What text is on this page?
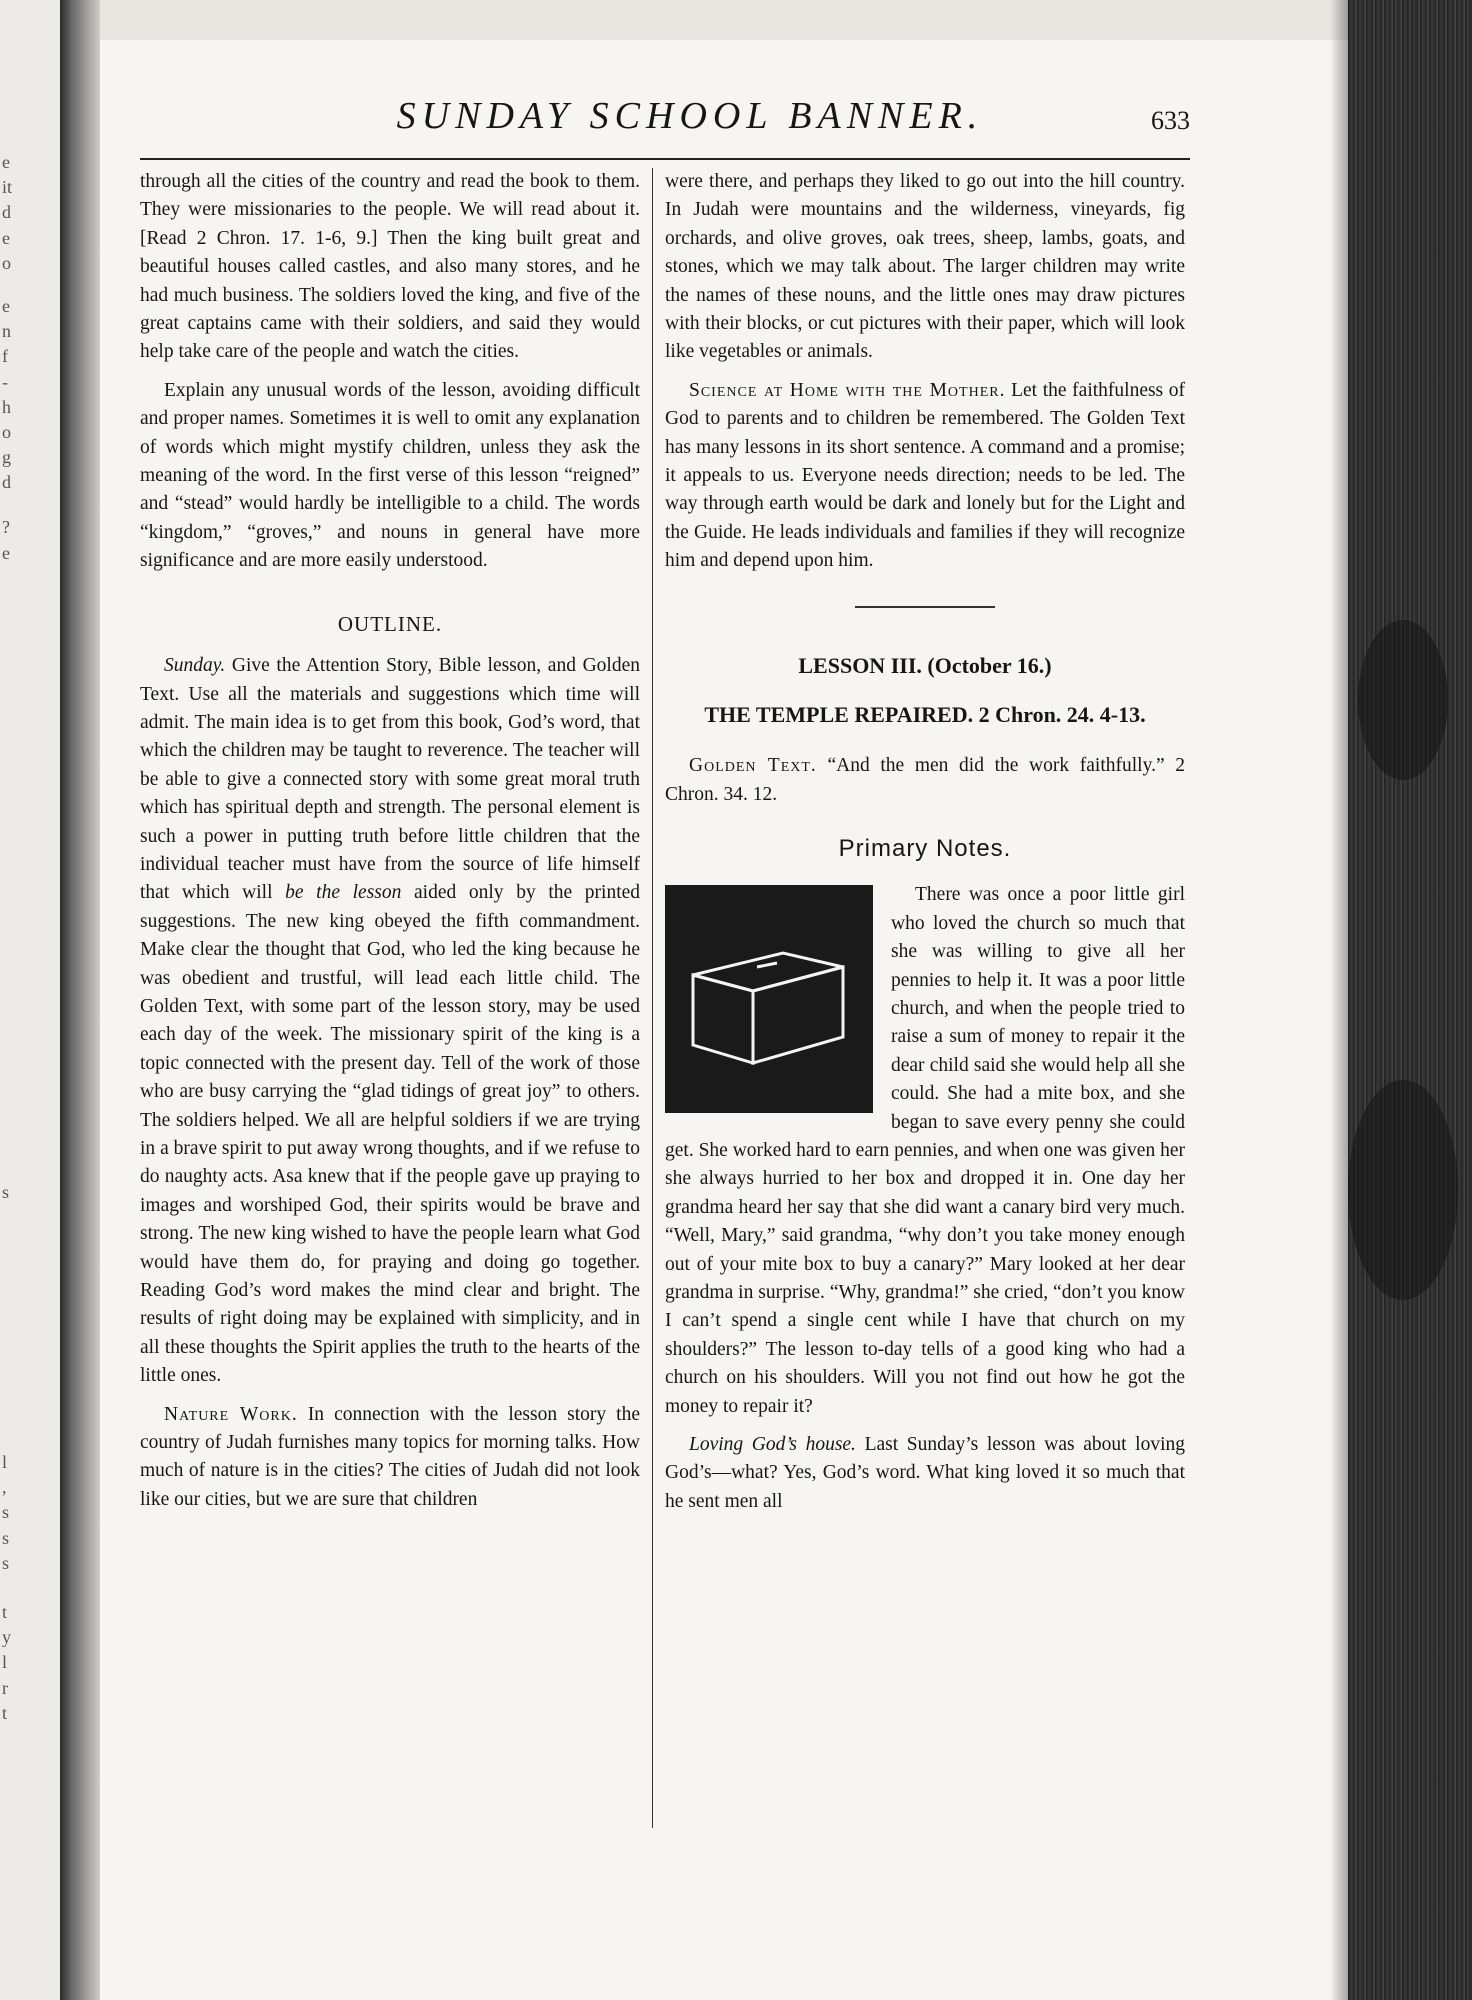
e
it
d
e
o
e
n
f
-
h
o
g
d
?
e
s
l
,
s
s
s
t
y
l
r
t
SUNDAY SCHOOL BANNER.	633

through all the cities of the country and read the book to them. They were missionaries to the people. We will read about it. [Read 2 Chron. 17. 1-6, 9.] Then the king built great and beautiful houses called castles, and also many stores, and he had much business. The soldiers loved the king, and five of the great captains came with their soldiers, and said they would help take care of the people and watch the cities.

Explain any unusual words of the lesson, avoiding difficult and proper names. Sometimes it is well to omit any explanation of words which might mystify children, unless they ask the meaning of the word. In the first verse of this lesson “reigned” and “stead” would hardly be intelligible to a child. The words “kingdom,” “groves,” and nouns in general have more significance and are more easily understood.

OUTLINE.

Sunday. Give the Attention Story, Bible lesson, and Golden Text. Use all the materials and suggestions which time will admit. The main idea is to get from this book, God’s word, that which the children may be taught to reverence. The teacher will be able to give a connected story with some great moral truth which has spiritual depth and strength. The personal element is such a power in putting truth before little children that the individual teacher must have from the source of life himself that which will be the lesson aided only by the printed suggestions. The new king obeyed the fifth commandment. Make clear the thought that God, who led the king because he was obedient and trustful, will lead each little child. The Golden Text, with some part of the lesson story, may be used each day of the week. The missionary spirit of the king is a topic connected with the present day. Tell of the work of those who are busy carrying the “glad tidings of great joy” to others. The soldiers helped. We all are helpful soldiers if we are trying in a brave spirit to put away wrong thoughts, and if we refuse to do naughty acts. Asa knew that if the people gave up praying to images and worshiped God, their spirits would be brave and strong. The new king wished to have the people learn what God would have them do, for praying and doing go together. Reading God’s word makes the mind clear and bright. The results of right doing may be explained with simplicity, and in all these thoughts the Spirit applies the truth to the hearts of the little ones.

Nature Work. In connection with the lesson story the country of Judah furnishes many topics for morning talks. How much of nature is in the cities? The cities of Judah did not look like our cities, but we are sure that children

were there, and perhaps they liked to go out into the hill country. In Judah were mountains and the wilderness, vineyards, fig orchards, and olive groves, oak trees, sheep, lambs, goats, and stones, which we may talk about. The larger children may write the names of these nouns, and the little ones may draw pictures with their blocks, or cut pictures with their paper, which will look like vegetables or animals.

Science at Home with the Mother. Let the faithfulness of God to parents and to children be remembered. The Golden Text has many lessons in its short sentence. A command and a promise; it appeals to us. Everyone needs direction; needs to be led. The way through earth would be dark and lonely but for the Light and the Guide. He leads individuals and families if they will recognize him and depend upon him.

LESSON III. (October 16.)
THE TEMPLE REPAIRED. 2 Chron. 24. 4-13.

Golden Text. “And the men did the work faithfully.” 2 Chron. 34. 12.

Primary Notes.

There was once a poor little girl who loved the church so much that she was willing to give all her pennies to help it. It was a poor little church, and when the people tried to raise a sum of money to repair it the dear child said she would help all she could. She had a mite box, and she began to save every penny she could get. She worked hard to earn pennies, and when one was given her she always hurried to her box and dropped it in. One day her grandma heard her say that she did want a canary bird very much. “Well, Mary,” said grandma, “why don’t you take money enough out of your mite box to buy a canary?” Mary looked at her dear grandma in surprise. “Why, grandma!” she cried, “don’t you know I can’t spend a single cent while I have that church on my shoulders?” The lesson to-day tells of a good king who had a church on his shoulders. Will you not find out how he got the money to repair it?

Loving God’s house. Last Sunday’s lesson was about loving God’s—what? Yes, God’s word. What king loved it so much that he sent men all
